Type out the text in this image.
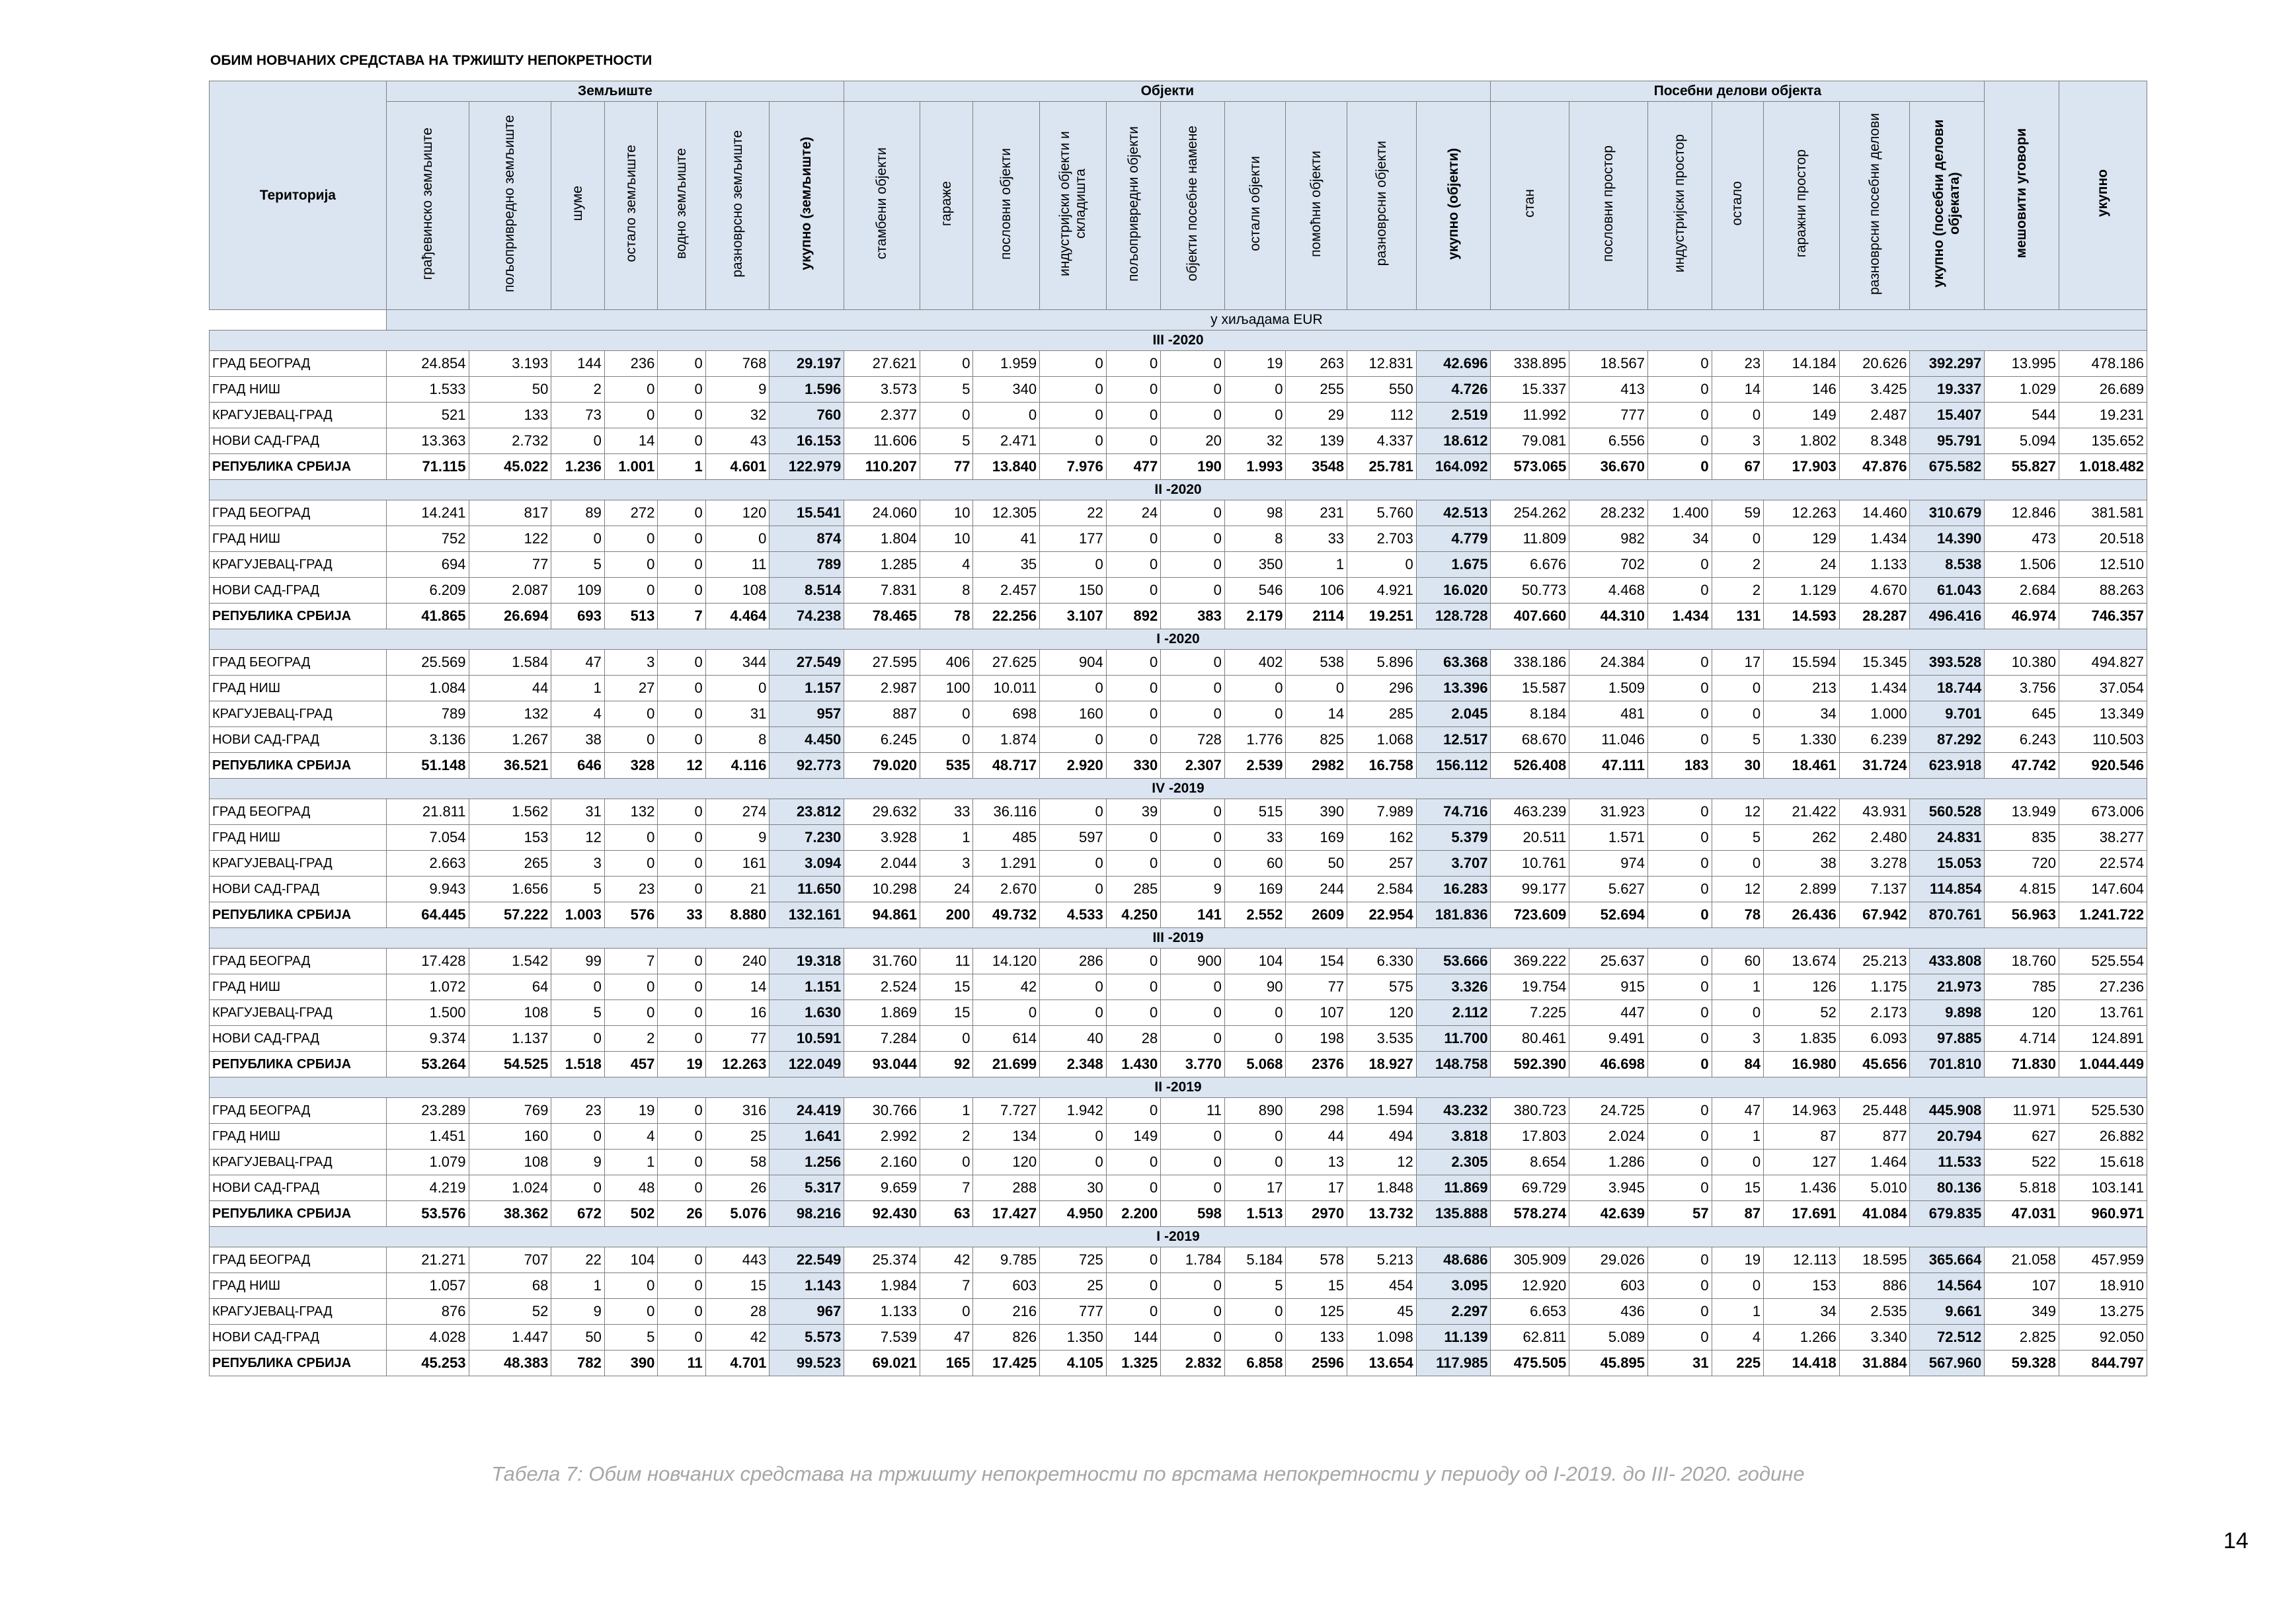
ОБИМ НОВЧАНИХ СРЕДСТАВА НА ТРЖИШТУ НЕПОКРЕТНОСТИ
Територија	Земљиште							Објекти										Посебни делови објекта							мешовити уговори	укупно
	грађевинско земљиште	пољопривредно земљиште	шуме	остало земљиште	водно земљиште	разноврсно земљиште	укупно (земљиште)	стамбени објекти	гараже	пословни објекти	индустријски објекти и складишта	пољопривредни објекти	објекти посебне намене	остали објекти	помоћни објекти	разноврсни објекти	укупно (објекти)	стан	пословни простор	индустријски простор	остало	гаражни простор	разноврсни посебни делови	укупно (посебни делови објеката)		
	у хиљадама EUR																									
III -2020																										
ГРАД БЕОГРАД	24.854	3.193	144	236	0	768	29.197	27.621	0	1.959	0	0	0	19	263	12.831	42.696	338.895	18.567	0	23	14.184	20.626	392.297	13.995	478.186
ГРАД НИШ	1.533	50	2	0	0	9	1.596	3.573	5	340	0	0	0	0	255	550	4.726	15.337	413	0	14	146	3.425	19.337	1.029	26.689
КРАГУЈЕВАЦ-ГРАД	521	133	73	0	0	32	760	2.377	0	0	0	0	0	0	29	112	2.519	11.992	777	0	0	149	2.487	15.407	544	19.231
НОВИ САД-ГРАД	13.363	2.732	0	14	0	43	16.153	11.606	5	2.471	0	0	20	32	139	4.337	18.612	79.081	6.556	0	3	1.802	8.348	95.791	5.094	135.652
РЕПУБЛИКА СРБИЈА	71.115	45.022	1.236	1.001	1	4.601	122.979	110.207	77	13.840	7.976	477	190	1.993	3548	25.781	164.092	573.065	36.670	0	67	17.903	47.876	675.582	55.827	1.018.482
II -2020																										
ГРАД БЕОГРАД	14.241	817	89	272	0	120	15.541	24.060	10	12.305	22	24	0	98	231	5.760	42.513	254.262	28.232	1.400	59	12.263	14.460	310.679	12.846	381.581
ГРАД НИШ	752	122	0	0	0	0	874	1.804	10	41	177	0	0	8	33	2.703	4.779	11.809	982	34	0	129	1.434	14.390	473	20.518
КРАГУЈЕВАЦ-ГРАД	694	77	5	0	0	11	789	1.285	4	35	0	0	0	350	1	0	1.675	6.676	702	0	2	24	1.133	8.538	1.506	12.510
НОВИ САД-ГРАД	6.209	2.087	109	0	0	108	8.514	7.831	8	2.457	150	0	0	546	106	4.921	16.020	50.773	4.468	0	2	1.129	4.670	61.043	2.684	88.263
РЕПУБЛИКА СРБИЈА	41.865	26.694	693	513	7	4.464	74.238	78.465	78	22.256	3.107	892	383	2.179	2114	19.251	128.728	407.660	44.310	1.434	131	14.593	28.287	496.416	46.974	746.357
I -2020																										
ГРАД БЕОГРАД	25.569	1.584	47	3	0	344	27.549	27.595	406	27.625	904	0	0	402	538	5.896	63.368	338.186	24.384	0	17	15.594	15.345	393.528	10.380	494.827
ГРАД НИШ	1.084	44	1	27	0	0	1.157	2.987	100	10.011	0	0	0	0	0	296	13.396	15.587	1.509	0	0	213	1.434	18.744	3.756	37.054
КРАГУЈЕВАЦ-ГРАД	789	132	4	0	0	31	957	887	0	698	160	0	0	0	14	285	2.045	8.184	481	0	0	34	1.000	9.701	645	13.349
НОВИ САД-ГРАД	3.136	1.267	38	0	0	8	4.450	6.245	0	1.874	0	0	728	1.776	825	1.068	12.517	68.670	11.046	0	5	1.330	6.239	87.292	6.243	110.503
РЕПУБЛИКА СРБИЈА	51.148	36.521	646	328	12	4.116	92.773	79.020	535	48.717	2.920	330	2.307	2.539	2982	16.758	156.112	526.408	47.111	183	30	18.461	31.724	623.918	47.742	920.546
IV -2019																										
ГРАД БЕОГРАД	21.811	1.562	31	132	0	274	23.812	29.632	33	36.116	0	39	0	515	390	7.989	74.716	463.239	31.923	0	12	21.422	43.931	560.528	13.949	673.006
ГРАД НИШ	7.054	153	12	0	0	9	7.230	3.928	1	485	597	0	0	33	169	162	5.379	20.511	1.571	0	5	262	2.480	24.831	835	38.277
КРАГУЈЕВАЦ-ГРАД	2.663	265	3	0	0	161	3.094	2.044	3	1.291	0	0	0	60	50	257	3.707	10.761	974	0	0	38	3.278	15.053	720	22.574
НОВИ САД-ГРАД	9.943	1.656	5	23	0	21	11.650	10.298	24	2.670	0	285	9	169	244	2.584	16.283	99.177	5.627	0	12	2.899	7.137	114.854	4.815	147.604
РЕПУБЛИКА СРБИЈА	64.445	57.222	1.003	576	33	8.880	132.161	94.861	200	49.732	4.533	4.250	141	2.552	2609	22.954	181.836	723.609	52.694	0	78	26.436	67.942	870.761	56.963	1.241.722
III -2019																										
ГРАД БЕОГРАД	17.428	1.542	99	7	0	240	19.318	31.760	11	14.120	286	0	900	104	154	6.330	53.666	369.222	25.637	0	60	13.674	25.213	433.808	18.760	525.554
ГРАД НИШ	1.072	64	0	0	0	14	1.151	2.524	15	42	0	0	0	90	77	575	3.326	19.754	915	0	1	126	1.175	21.973	785	27.236
КРАГУЈЕВАЦ-ГРАД	1.500	108	5	0	0	16	1.630	1.869	15	0	0	0	0	0	107	120	2.112	7.225	447	0	0	52	2.173	9.898	120	13.761
НОВИ САД-ГРАД	9.374	1.137	0	2	0	77	10.591	7.284	0	614	40	28	0	0	198	3.535	11.700	80.461	9.491	0	3	1.835	6.093	97.885	4.714	124.891
РЕПУБЛИКА СРБИЈА	53.264	54.525	1.518	457	19	12.263	122.049	93.044	92	21.699	2.348	1.430	3.770	5.068	2376	18.927	148.758	592.390	46.698	0	84	16.980	45.656	701.810	71.830	1.044.449
II -2019																										
ГРАД БЕОГРАД	23.289	769	23	19	0	316	24.419	30.766	1	7.727	1.942	0	11	890	298	1.594	43.232	380.723	24.725	0	47	14.963	25.448	445.908	11.971	525.530
ГРАД НИШ	1.451	160	0	4	0	25	1.641	2.992	2	134	0	149	0	0	44	494	3.818	17.803	2.024	0	1	87	877	20.794	627	26.882
КРАГУЈЕВАЦ-ГРАД	1.079	108	9	1	0	58	1.256	2.160	0	120	0	0	0	0	13	12	2.305	8.654	1.286	0	0	127	1.464	11.533	522	15.618
НОВИ САД-ГРАД	4.219	1.024	0	48	0	26	5.317	9.659	7	288	30	0	0	17	17	1.848	11.869	69.729	3.945	0	15	1.436	5.010	80.136	5.818	103.141
РЕПУБЛИКА СРБИЈА	53.576	38.362	672	502	26	5.076	98.216	92.430	63	17.427	4.950	2.200	598	1.513	2970	13.732	135.888	578.274	42.639	57	87	17.691	41.084	679.835	47.031	960.971
I -2019																										
ГРАД БЕОГРАД	21.271	707	22	104	0	443	22.549	25.374	42	9.785	725	0	1.784	5.184	578	5.213	48.686	305.909	29.026	0	19	12.113	18.595	365.664	21.058	457.959
ГРАД НИШ	1.057	68	1	0	0	15	1.143	1.984	7	603	25	0	0	5	15	454	3.095	12.920	603	0	0	153	886	14.564	107	18.910
КРАГУЈЕВАЦ-ГРАД	876	52	9	0	0	28	967	1.133	0	216	777	0	0	0	125	45	2.297	6.653	436	0	1	34	2.535	9.661	349	13.275
НОВИ САД-ГРАД	4.028	1.447	50	5	0	42	5.573	7.539	47	826	1.350	144	0	0	133	1.098	11.139	62.811	5.089	0	4	1.266	3.340	72.512	2.825	92.050
РЕПУБЛИКА СРБИЈА	45.253	48.383	782	390	11	4.701	99.523	69.021	165	17.425	4.105	1.325	2.832	6.858	2596	13.654	117.985	475.505	45.895	31	225	14.418	31.884	567.960	59.328	844.797
Табела 7: Обим новчаних средстава на тржишту непокретности по врстама непокретности у периоду од I-2019. до III- 2020. године
14
